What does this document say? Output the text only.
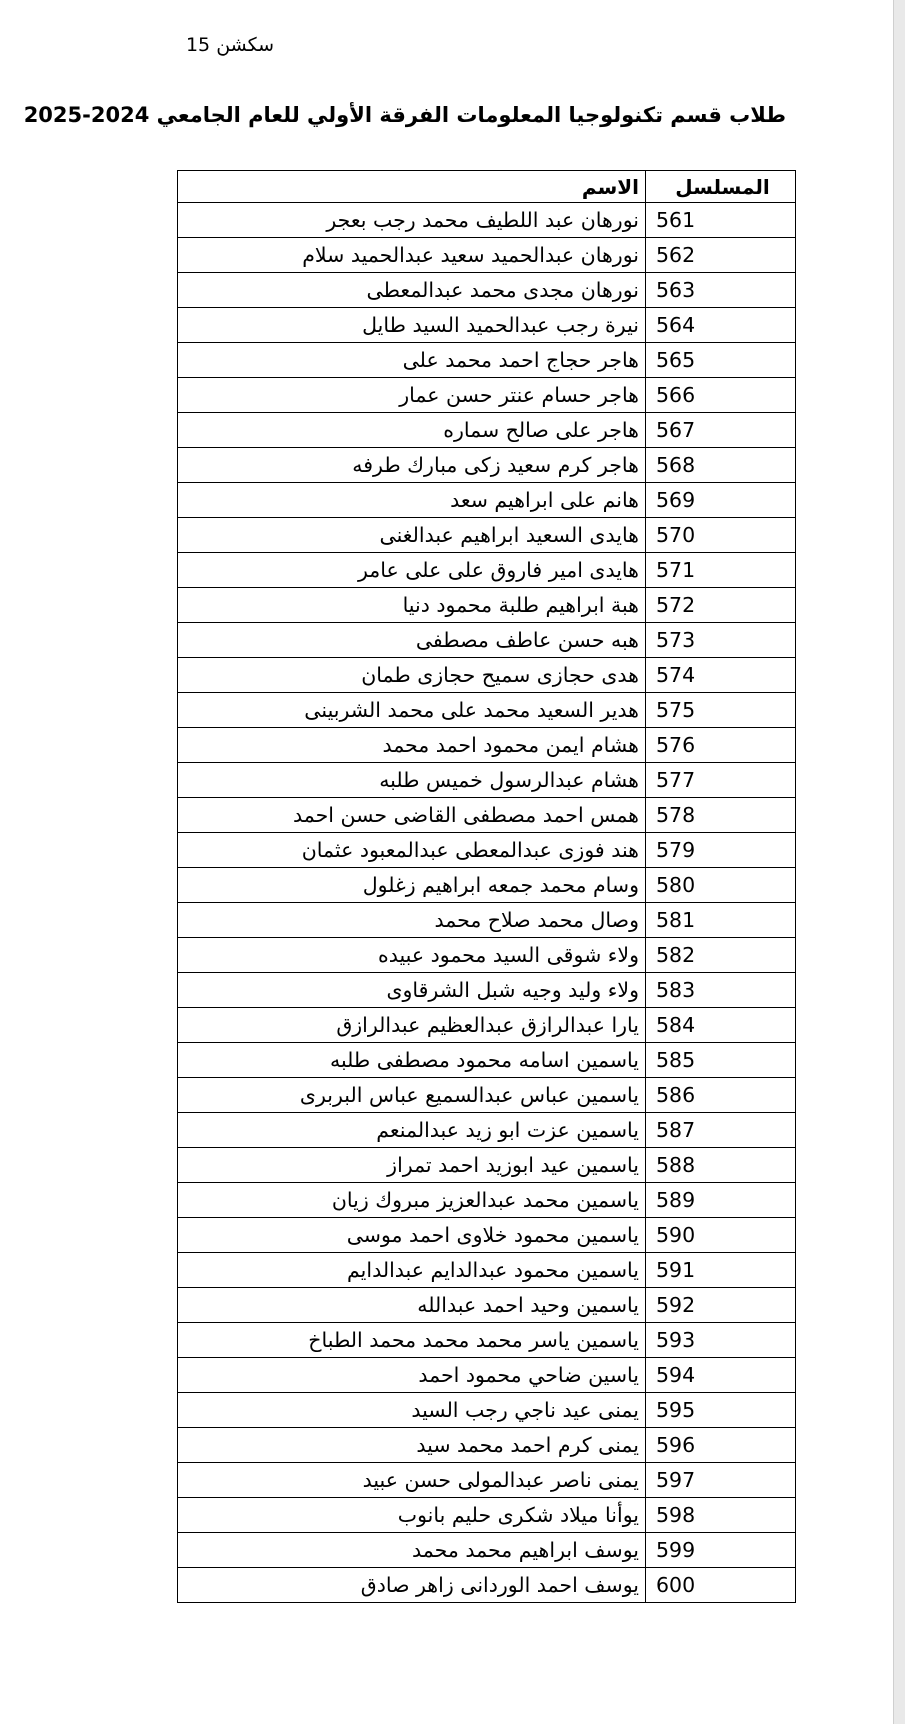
سكشن 15
طلاب قسم تكنولوجيا المعلومات الفرقة الأولي للعام الجامعي 2024-2025
المسلسل	الاسم
561	نورهان عبد اللطيف محمد رجب بعجر
562	نورهان عبدالحميد سعيد عبدالحميد سلام
563	نورهان مجدى محمد عبدالمعطى
564	نيرة رجب عبدالحميد السيد طايل
565	هاجر حجاج احمد محمد على
566	هاجر حسام عنتر حسن عمار
567	هاجر على صالح سماره
568	هاجر كرم سعيد زكى مبارك طرفه
569	هانم على ابراهيم سعد
570	هايدى السعيد ابراهيم عبدالغنى
571	هايدى امير فاروق على على عامر
572	هبة ابراهيم طلبة محمود دنيا
573	هبه حسن عاطف مصطفى
574	هدى حجازى سميح حجازى طمان
575	هدير السعيد محمد على محمد الشربينى
576	هشام ايمن محمود احمد محمد
577	هشام عبدالرسول خميس طلبه
578	همس احمد مصطفى القاضى حسن احمد
579	هند فوزى عبدالمعطى عبدالمعبود عثمان
580	وسام محمد جمعه ابراهيم زغلول
581	وصال محمد صلاح محمد
582	ولاء شوقى السيد محمود عبيده
583	ولاء وليد وجيه شبل الشرقاوى
584	يارا عبدالرازق عبدالعظيم عبدالرازق
585	ياسمين اسامه محمود مصطفى طلبه
586	ياسمين عباس عبدالسميع عباس البربرى
587	ياسمين عزت ابو زيد عبدالمنعم
588	ياسمين عيد ابوزيد احمد تمراز
589	ياسمين محمد عبدالعزيز مبروك زيان
590	ياسمين محمود خلاوى احمد موسى
591	ياسمين محمود عبدالدايم عبدالدايم
592	ياسمين وحيد احمد عبدالله
593	ياسمين ياسر محمد محمد محمد الطباخ
594	ياسين ضاحي محمود احمد
595	يمنى عيد ناجي رجب السيد
596	يمنى كرم احمد محمد سيد
597	يمنى ناصر عبدالمولى حسن عبيد
598	يوأنا ميلاد شكرى حليم بانوب
599	يوسف ابراهيم محمد محمد
600	يوسف احمد الوردانى زاهر صادق
